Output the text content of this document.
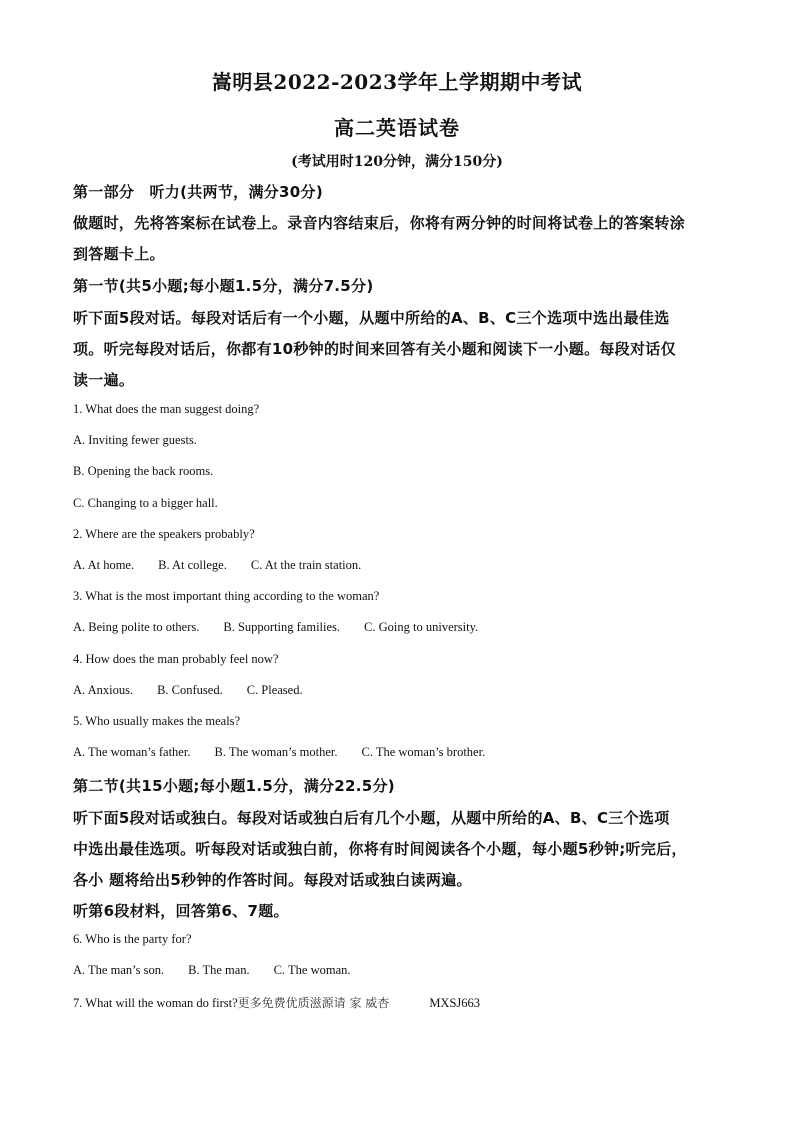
嵩明县2022-2023学年上学期期中考试
高二英语试卷
(考试用时120分钟，满分150分)
第一部分　听力(共两节，满分30分)
做题时，先将答案标在试卷上。录音内容结束后，你将有两分钟的时间将试卷上的答案转涂
到答题卡上。
第一节(共5小题;每小题1.5分，满分7.5分)
听下面5段对话。每段对话后有一个小题，从题中所给的A、B、C三个选项中选出最佳选
项。听完每段对话后，你都有10秒钟的时间来回答有关小题和阅读下一小题。每段对话仅
读一遍。
1. What does the man suggest doing?
A. Inviting fewer guests.
B. Opening the back rooms.
C. Changing to a bigger hall.
2. Where are the speakers probably?
A. At home. B. At college. C. At the train station.
3. What is the most important thing according to the woman?
A. Being polite to others. B. Supporting families. C. Going to university.
4. How does the man probably feel now?
A. Anxious. B. Confused. C. Pleased.
5. Who usually makes the meals?
A. The woman’s father. B. The woman’s mother. C. The woman’s brother.
第二节(共15小题;每小题1.5分，满分22.5分)
听下面5段对话或独白。每段对话或独白后有几个小题，从题中所给的A、B、C三个选项
中选出最佳选项。听每段对话或独白前，你将有时间阅读各个小题，每小题5秒钟;听完后，
各小 题将给出5秒钟的作答时间。每段对话或独白读两遍。
听第6段材料，回答第6、7题。
6. Who is the party for?
A. The man’s son. B. The man. C. The woman.
7. What will the woman do first?更多免费优质滋源请 家 威杏	MXSJ663
